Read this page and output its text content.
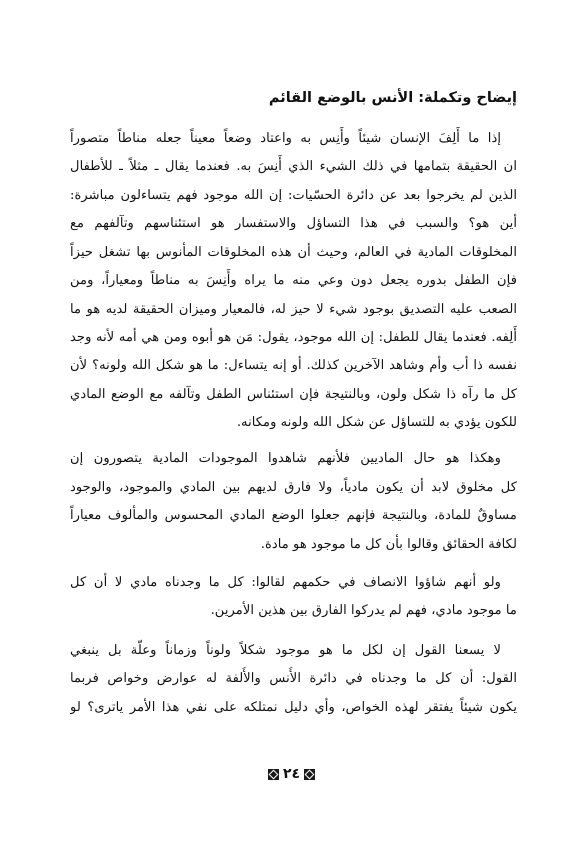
إيضاح وتكملة: الأنس بالوضع القائم
إذا ما أَلِفَ الإنسان شيئاً وأَنِس به واعتاد وضعاً معيناً جعله مناطاً متصوراً
ان الحقيقة بتمامها في ذلك الشيء الذي أَنِسَ به. فعندما يقال ـ مثلاً ـ للأطفال
الذين لم يخرجوا بعد عن دائرة الحسّيات: إن الله موجود فهم يتساءلون مباشرة:
أين هو؟ والسبب في هذا التساؤل والاستفسار هو استئناسهم وتآلفهم مع
المخلوقات المادية في العالم، وحيث أن هذه المخلوقات المأنوس بها تشغل حيزاً
فإن الطفل بدوره يجعل دون وعي منه ما يراه وأَنِسَ به مناطاً ومعياراً، ومن
الصعب عليه التصديق بوجود شيء لا حيز له، فالمعيار وميزان الحقيقة لديه هو ما
أَلِفه. فعندما يقال للطفل: إن الله موجود، يقول: مَن هو أبوه ومن هي أمه لأنه وجد
نفسه ذا أب وأم وشاهد الآخرين كذلك. أو إنه يتساءل: ما هو شكل الله ولونه؟ لأن
كل ما رآه ذا شكل ولون، وبالنتيجة فإن استئناس الطفل وتآلفه مع الوضع المادي
للكون يؤدي به للتساؤل عن شكل الله ولونه ومكانه.
وهكذا هو حال الماديين فلأنهم شاهدوا الموجودات المادية يتصورون إن
كل مخلوق لابد أن يكون مادياً، ولا فارق لديهم بين المادي والموجود، والوجود
مساوقٌ للمادة، وبالنتيجة فإنهم جعلوا الوضع المادي المحسوس والمألوف معياراً
لكافة الحقائق وقالوا بأن كل ما موجود هو مادة.
ولو أنهم شاؤوا الانصاف في حكمهم لقالوا: كل ما وجدناه مادي لا أن كل
ما موجود مادي، فهم لم يدركوا الفارق بين هذين الأمرين.
لا يسعنا القول إن لكل ما هو موجود شكلاً ولوناً وزماناً وعلّة بل ينبغي
القول: أن كل ما وجدناه في دائرة الأُنس والأُلفة له عوارض وخواص فربما
يكون شيئاً يفتقر لهذه الخواص، وأي دليل نمتلكه على نفي هذا الأمر ياترى؟ لو
٢٤
